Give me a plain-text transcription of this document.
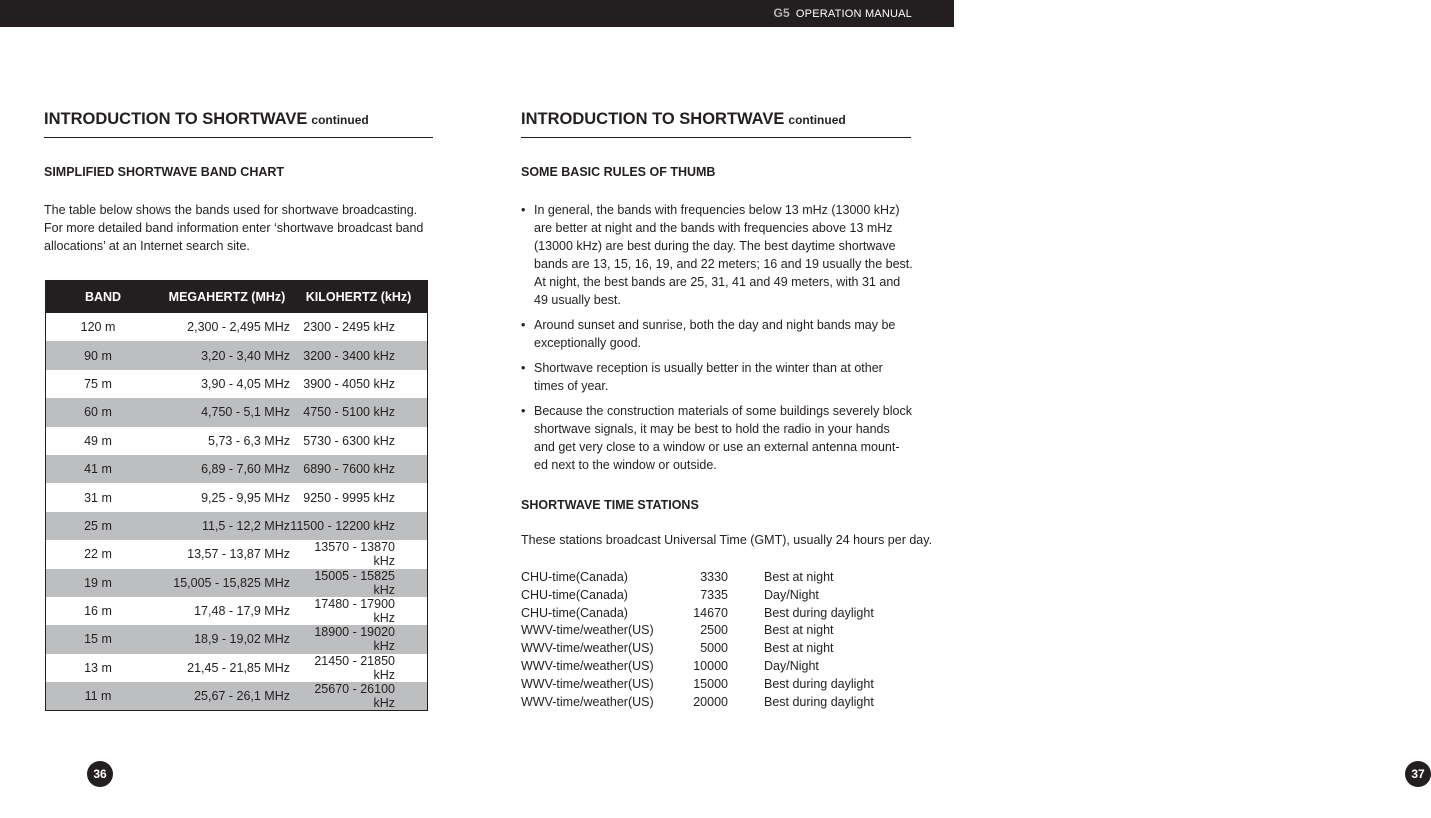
G5 OPERATION MANUAL
INTRODUCTION TO SHORTWAVE continued
SIMPLIFIED SHORTWAVE BAND CHART

The table below shows the bands used for shortwave broadcasting. For more detailed band information enter ‘shortwave broadcast band allocations’ at an Internet search site.

BAND	MEGAHERTZ (MHz)	KILOHERTZ (kHz)
120 m	2,300 - 2,495 MHz	2300 - 2495 kHz
90 m	3,20 - 3,40 MHz	3200 - 3400 kHz
75 m	3,90 - 4,05 MHz	3900 - 4050 kHz
60 m	4,750 - 5,1 MHz	4750 - 5100 kHz
49 m	5,73 - 6,3 MHz	5730 - 6300 kHz
41 m	6,89 - 7,60 MHz	6890 - 7600 kHz
31 m	9,25 - 9,95 MHz	9250 - 9995 kHz
25 m	11,5 - 12,2 MHz	11500 - 12200 kHz
22 m	13,57 - 13,87 MHz	13570 - 13870 kHz
19 m	15,005 - 15,825 MHz	15005 - 15825 kHz
16 m	17,48 - 17,9 MHz	17480 - 17900 kHz
15 m	18,9 - 19,02 MHz	18900 - 19020 kHz
13 m	21,45 - 21,85 MHz	21450 - 21850 kHz
11 m	25,67 - 26,1 MHz	25670 - 26100 kHz
36
INTRODUCTION TO SHORTWAVE continued
SOME BASIC RULES OF THUMB
• In general, the bands with frequencies below 13 mHz (13000 kHz) are better at night and the bands with frequencies above 13 mHz (13000 kHz) are best during the day. The best daytime shortwave bands are 13, 15, 16, 19, and 22 meters; 16 and 19 usually the best. At night, the best bands are 25, 31, 41 and 49 meters, with 31 and 49 usually best.
• Around sunset and sunrise, both the day and night bands may be exceptionally good.
• Shortwave reception is usually better in the winter than at other times of year.
• Because the construction materials of some buildings severely block shortwave signals, it may be best to hold the radio in your hands and get very close to a window or use an external antenna mount-ed next to the window or outside.
SHORTWAVE TIME STATIONS

These stations broadcast Universal Time (GMT), usually 24 hours per day.

CHU-time(Canada)	3330	Best at night
CHU-time(Canada)	7335	Day/Night
CHU-time(Canada)	14670	Best during daylight
WWV-time/weather(US)	2500	Best at night
WWV-time/weather(US)	5000	Best at night
WWV-time/weather(US)	10000	Day/Night
WWV-time/weather(US)	15000	Best during daylight
WWV-time/weather(US)	20000	Best during daylight
37
